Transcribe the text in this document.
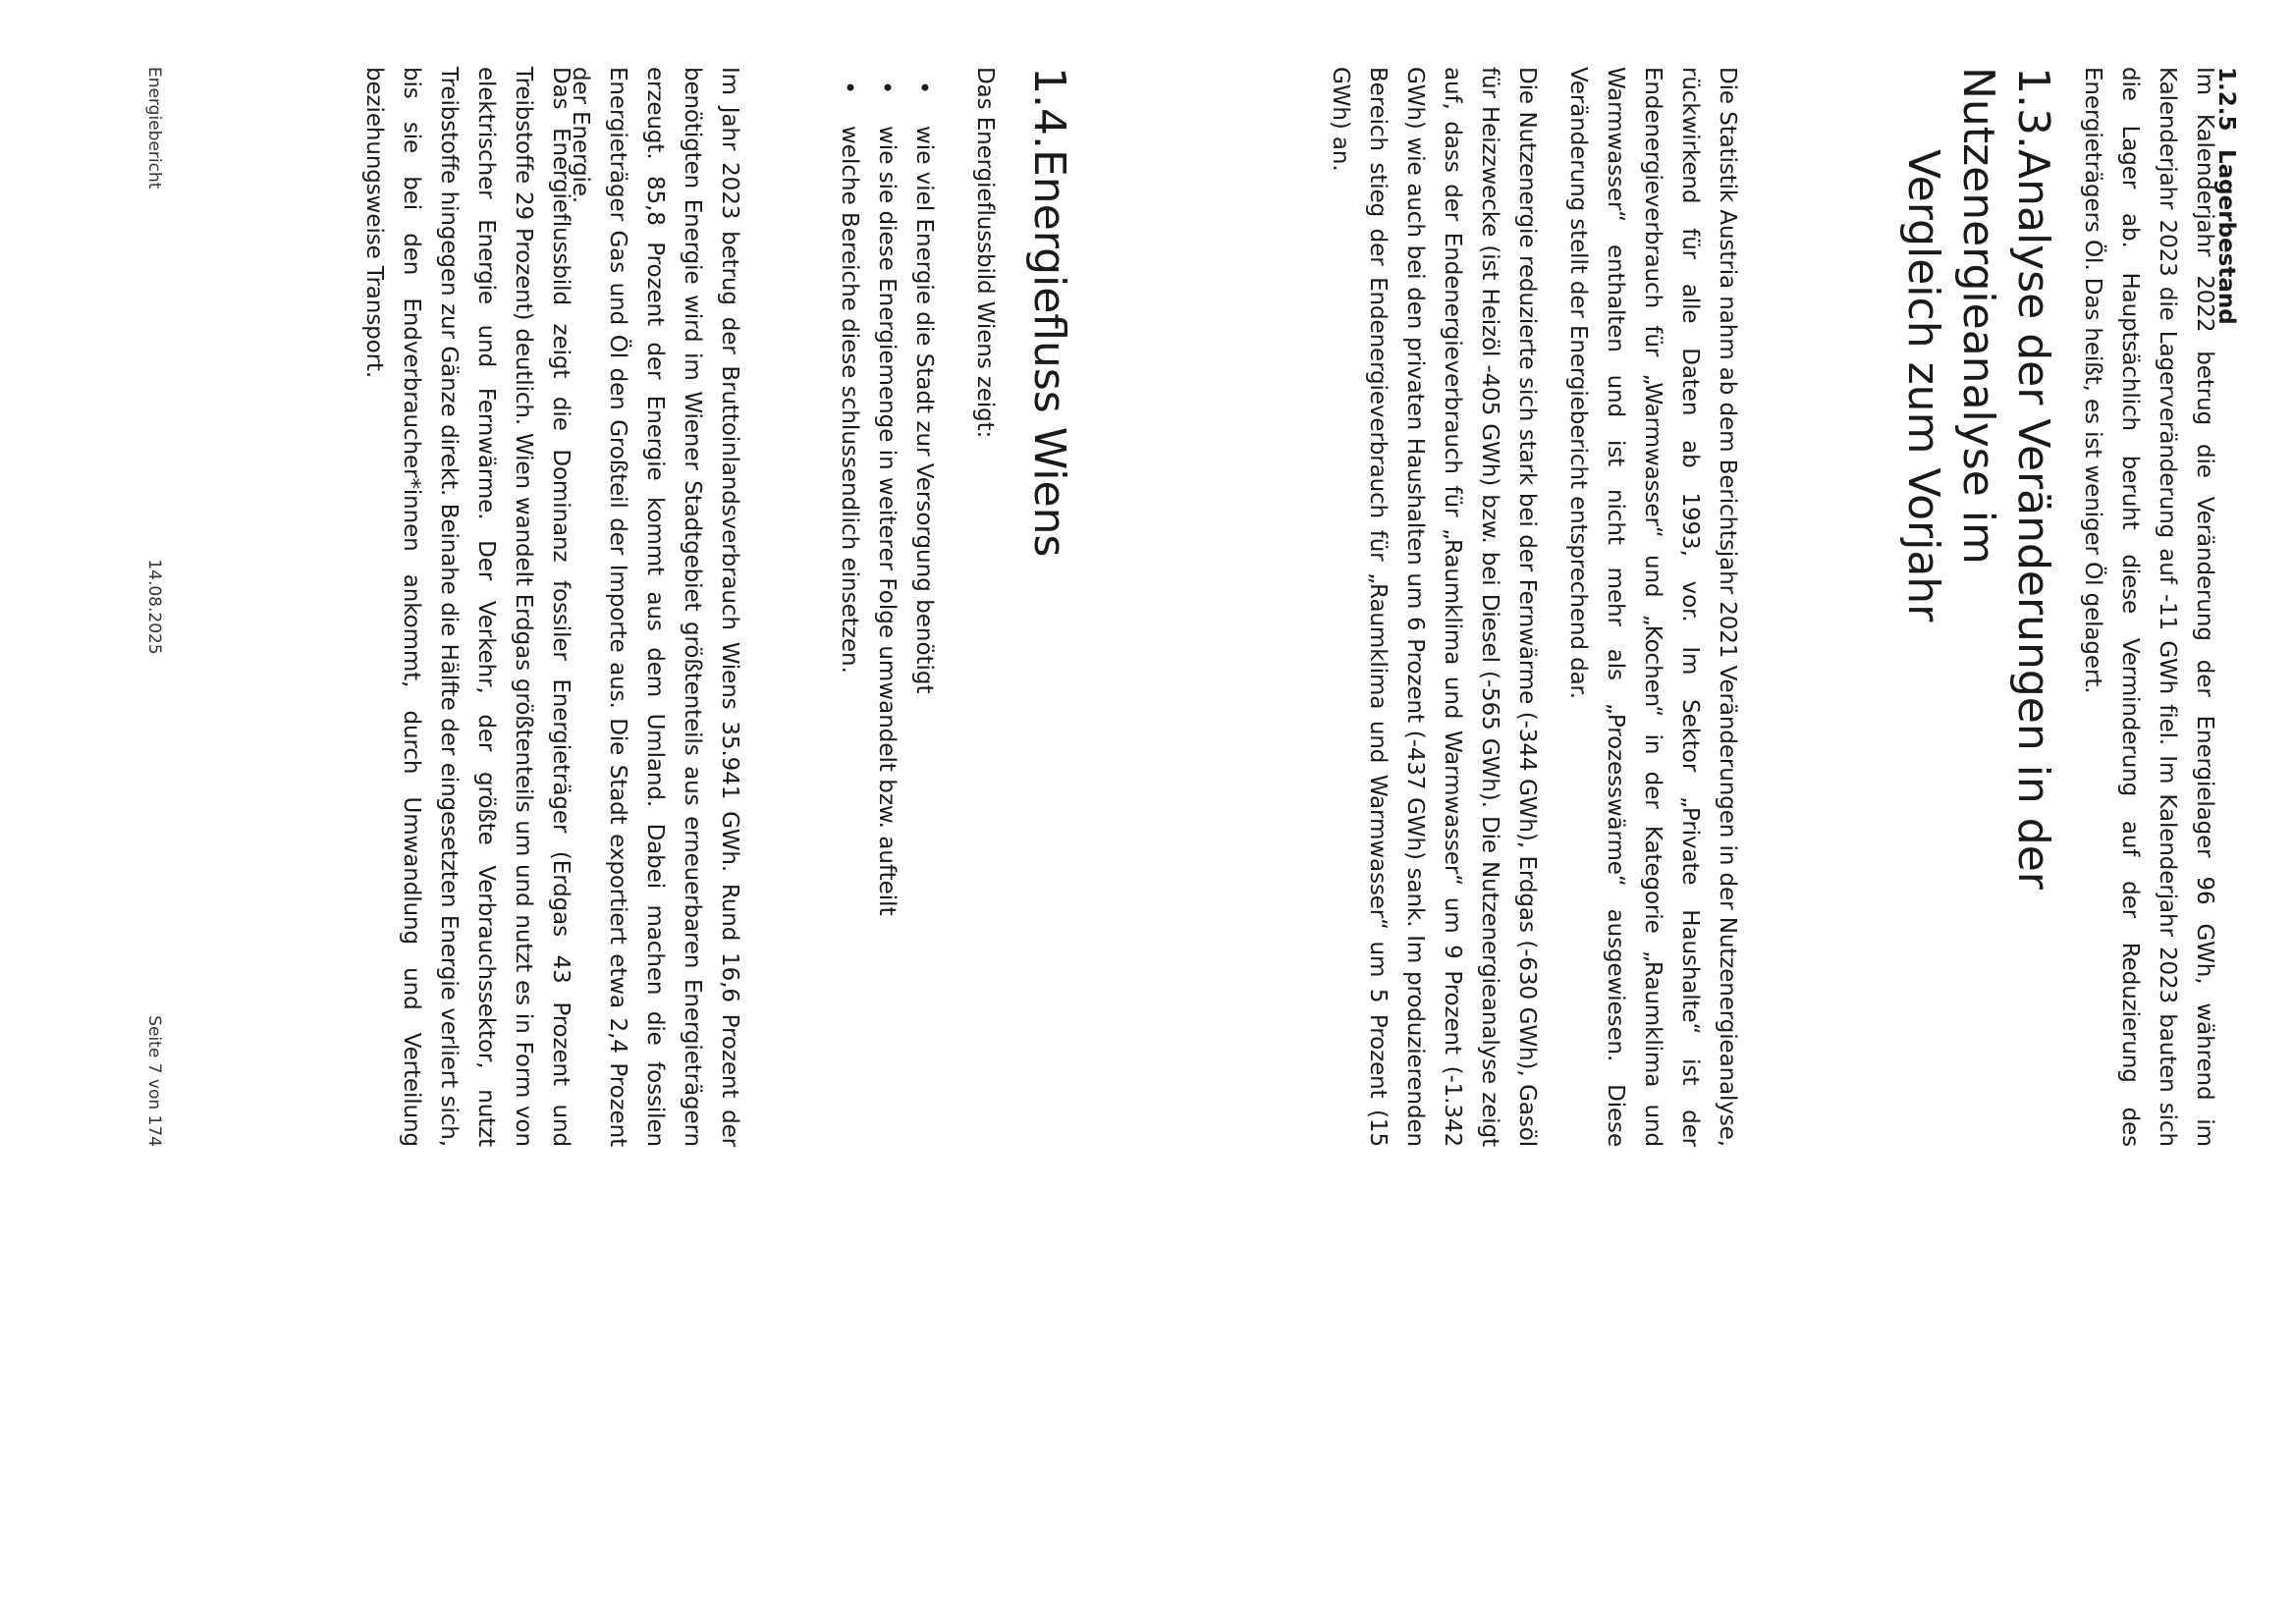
1.2.5Lagerbestand

Im Kalenderjahr 2022 betrug die Veränderung der Energielager 96 GWh, während im Kalenderjahr 2023 die Lagerveränderung auf -11 GWh fiel. Im Kalenderjahr 2023 bauten sich die Lager ab. Hauptsächlich beruht diese Verminderung auf der Reduzierung des Energieträgers Öl. Das heißt, es ist weniger Öl gelagert.

1.3.Analyse der Veränderungen in der Nutzenergieanalyse im
Vergleich zum Vorjahr

Die Statistik Austria nahm ab dem Berichtsjahr 2021 Veränderungen in der Nutzenergieanalyse, rückwirkend für alle Daten ab 1993, vor. Im Sektor „Private Haushalte“ ist der Endenergieverbrauch für „Warmwasser“ und „Kochen“ in der Kategorie „Raumklima und Warmwasser“ enthalten und ist nicht mehr als „Prozesswärme“ ausgewiesen. Diese Veränderung stellt der Energiebericht entsprechend dar.

Die Nutzenergie reduzierte sich stark bei der Fernwärme (-344 GWh), Erdgas (-630 GWh), Gasöl für Heizzwecke (ist Heizöl -405 GWh) bzw. bei Diesel (-565 GWh). Die Nutzenergieanalyse zeigt auf, dass der Endenergieverbrauch für „Raumklima und Warmwasser“ um 9 Prozent (-1.342 GWh) wie auch bei den privaten Haushalten um 6 Prozent (-437 GWh) sank. Im produzierenden Bereich stieg der Endenergieverbrauch für „Raumklima und Warmwasser“ um 5 Prozent (15 GWh) an.

1.4.Energiefluss Wiens

Das Energieflussbild Wiens zeigt:

•
wie viel Energie die Stadt zur Versorgung benötigt
•
wie sie diese Energiemenge in weiterer Folge umwandelt bzw. aufteilt
•
welche Bereiche diese schlussendlich einsetzen.

Im Jahr 2023 betrug der Bruttoinlandsverbrauch Wiens 35.941 GWh. Rund 16,6 Prozent der benötigten Energie wird im Wiener Stadtgebiet größtenteils aus erneuerbaren Energieträgern erzeugt. 85,8 Prozent der Energie kommt aus dem Umland. Dabei machen die fossilen Energieträger Gas und Öl den Großteil der Importe aus. Die Stadt exportiert etwa 2,4 Prozent der Energie.

Das Energieflussbild zeigt die Dominanz fossiler Energieträger (Erdgas 43 Prozent und Treibstoffe 29 Prozent) deutlich. Wien wandelt Erdgas größtenteils um und nutzt es in Form von elektrischer Energie und Fernwärme. Der Verkehr, der größte Verbrauchssektor, nutzt Treibstoffe hingegen zur Gänze direkt. Beinahe die Hälfte der eingesetzten Energie verliert sich, bis sie bei den Endverbraucher*innen ankommt, durch Umwandlung und Verteilung beziehungsweise Transport.

Energiebericht
14.08.2025
Seite 7 von 174
